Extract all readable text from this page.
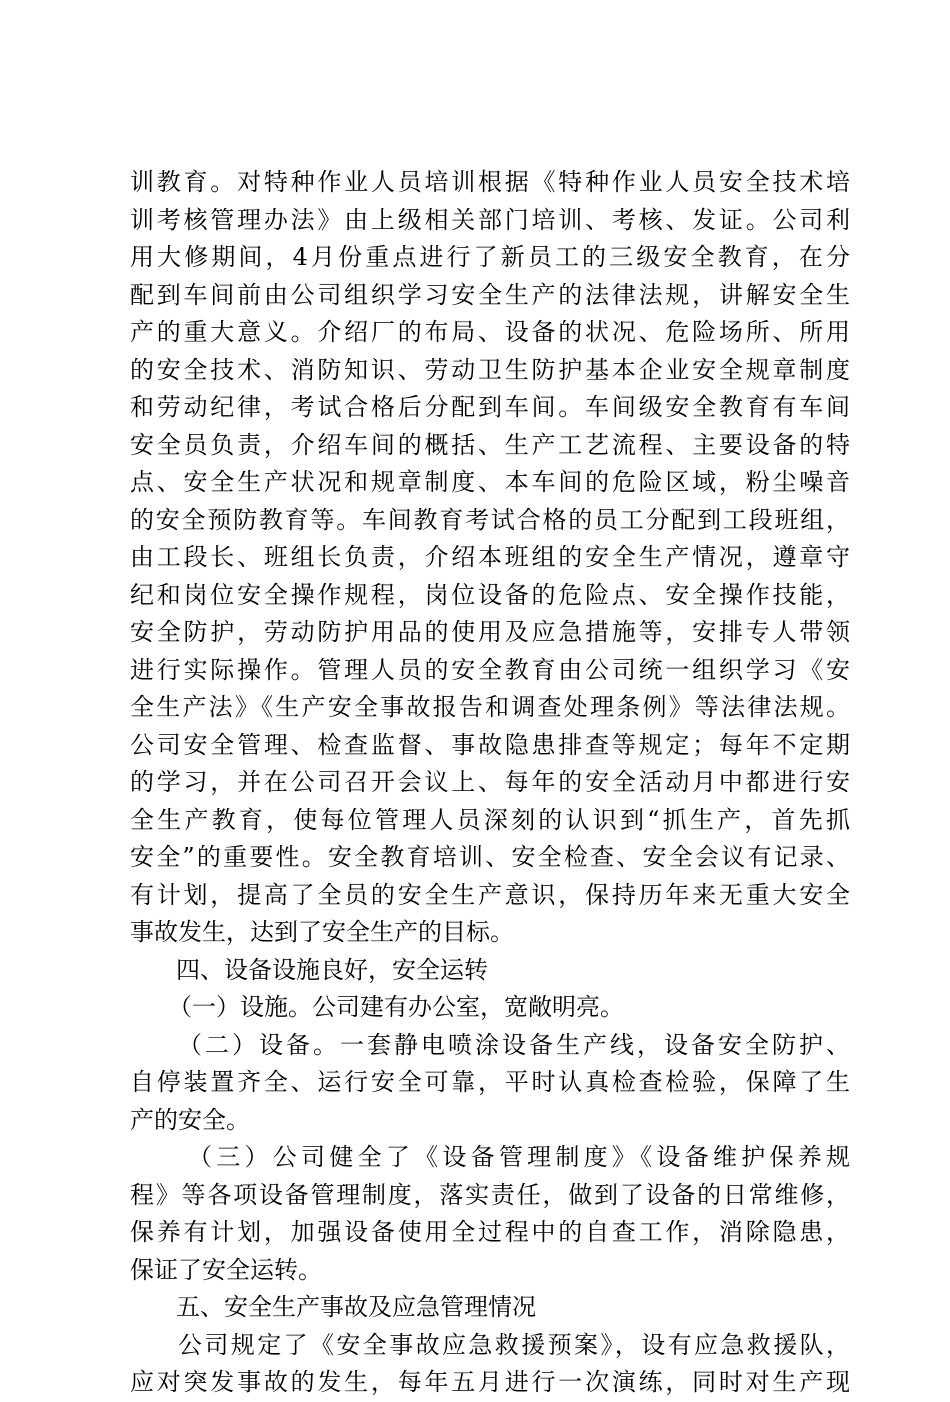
训教育。对特种作业人员培训根据《特种作业人员安全技术培
训考核管理办法》由上级相关部门培训、考核、发证。公司利
用大修期间，4月份重点进行了新员工的三级安全教育，在分
配到车间前由公司组织学习安全生产的法律法规，讲解安全生
产的重大意义。介绍厂的布局、设备的状况、危险场所、所用
的安全技术、消防知识、劳动卫生防护基本企业安全规章制度
和劳动纪律，考试合格后分配到车间。车间级安全教育有车间
安全员负责，介绍车间的概括、生产工艺流程、主要设备的特
点、安全生产状况和规章制度、本车间的危险区域，粉尘噪音
的安全预防教育等。车间教育考试合格的员工分配到工段班组，
由工段长、班组长负责，介绍本班组的安全生产情况，遵章守
纪和岗位安全操作规程，岗位设备的危险点、安全操作技能，
安全防护，劳动防护用品的使用及应急措施等，安排专人带领
进行实际操作。管理人员的安全教育由公司统一组织学习《安
全生产法》《生产安全事故报告和调查处理条例》等法律法规。
公司安全管理、检查监督、事故隐患排查等规定；每年不定期
的学习，并在公司召开会议上、每年的安全活动月中都进行安
全生产教育，使每位管理人员深刻的认识到“抓生产，首先抓
安全”的重要性。安全教育培训、安全检查、安全会议有记录、
有计划，提高了全员的安全生产意识，保持历年来无重大安全
事故发生，达到了安全生产的目标。
四、设备设施良好，安全运转
（一）设施。公司建有办公室，宽敞明亮。
（二）设备。一套静电喷涂设备生产线，设备安全防护、
自停装置齐全、运行安全可靠，平时认真检查检验，保障了生
产的安全。
（三）公司健全了《设备管理制度》《设备维护保养规
程》等各项设备管理制度，落实责任，做到了设备的日常维修，
保养有计划，加强设备使用全过程中的自查工作，消除隐患，
保证了安全运转。
五、安全生产事故及应急管理情况
公司规定了《安全事故应急救援预案》，设有应急救援队，
应对突发事故的发生，每年五月进行一次演练，同时对生产现
